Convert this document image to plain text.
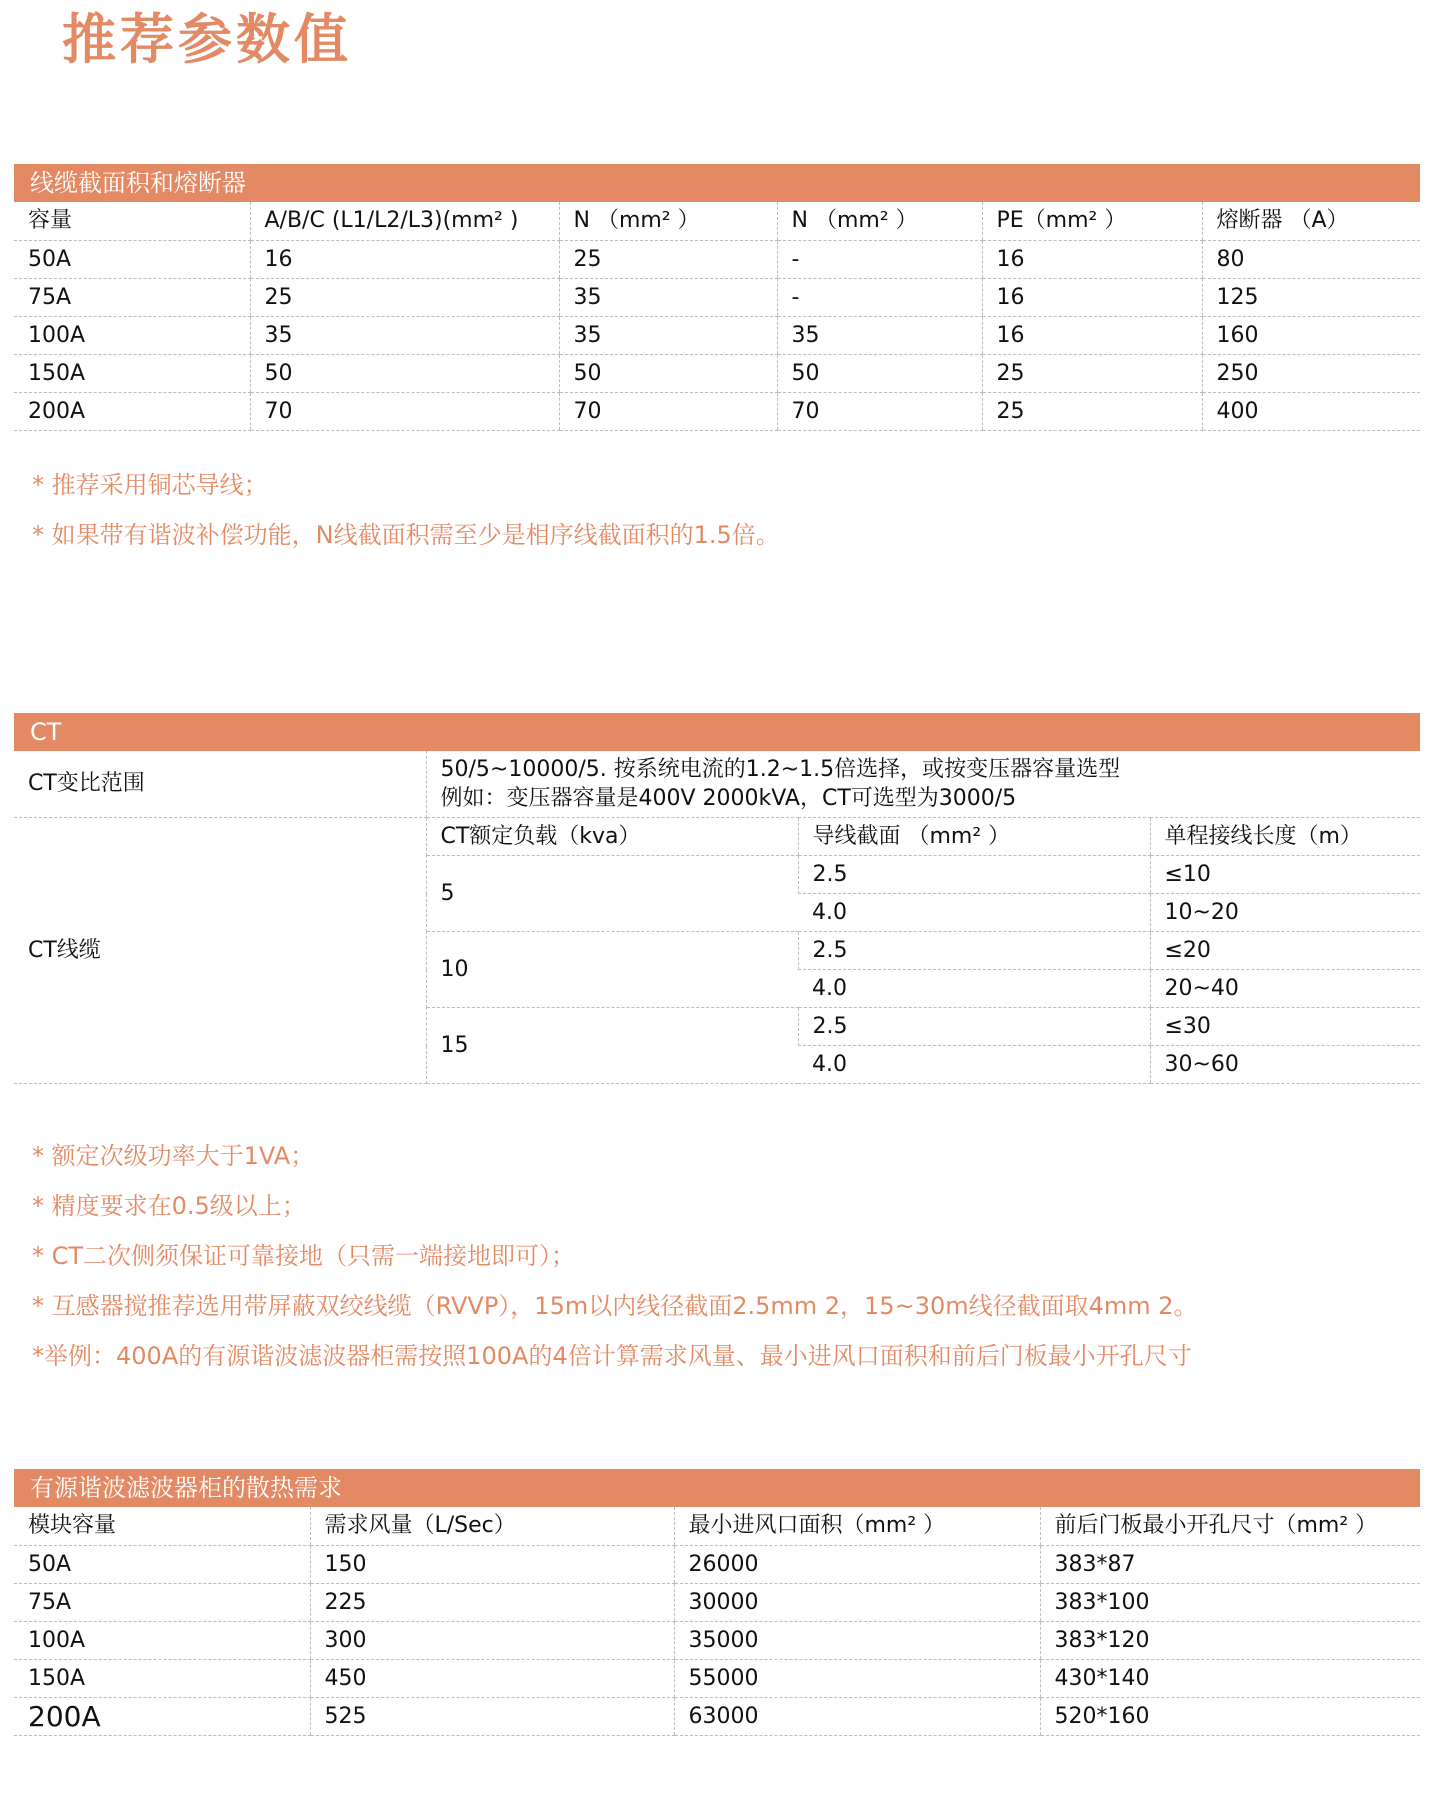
推荐参数值
线缆截面积和熔断器
容量	A/B/C (L1/L2/L3)(mm² )	N （mm² ）	N （mm² ）	PE（mm² ）	熔断器 （A）
50A	16	25	-	16	80
75A	25	35	-	16	125
100A	35	35	35	16	160
150A	50	50	50	25	250
200A	70	70	70	25	400
* 推荐采用铜芯导线；
* 如果带有谐波补偿功能，N线截面积需至少是相序线截面积的1.5倍。
CT
CT变比范围	50/5~10000/5. 按系统电流的1.2~1.5倍选择，或按变压器容量选型
例如：变压器容量是400V 2000kVA，CT可选型为3000/5		

CT线缆	CT额定负载（kva）	导线截面 （mm² ）	单程接线长度（m）
	5	2.5	≤10
		4.0	10~20
	10	2.5	≤20
		4.0	20~40
	15	2.5	≤30
		4.0	30~60
* 额定次级功率大于1VA；
* 精度要求在0.5级以上；
* CT二次侧须保证可靠接地（只需一端接地即可）；
* 互感器搅推荐选用带屏蔽双绞线缆（RVVP），15m以内线径截面2.5mm 2，15~30m线径截面取4mm 2。
*举例：400A的有源谐波滤波器柜需按照100A的4倍计算需求风量、最小进风口面积和前后门板最小开孔尺寸
有源谐波滤波器柜的散热需求
模块容量	需求风量（L/Sec）	最小进风口面积（mm² ）	前后门板最小开孔尺寸（mm² ）
50A	150	26000	383*87
75A	225	30000	383*100
100A	300	35000	383*120
150A	450	55000	430*140
200A	525	63000	520*160
